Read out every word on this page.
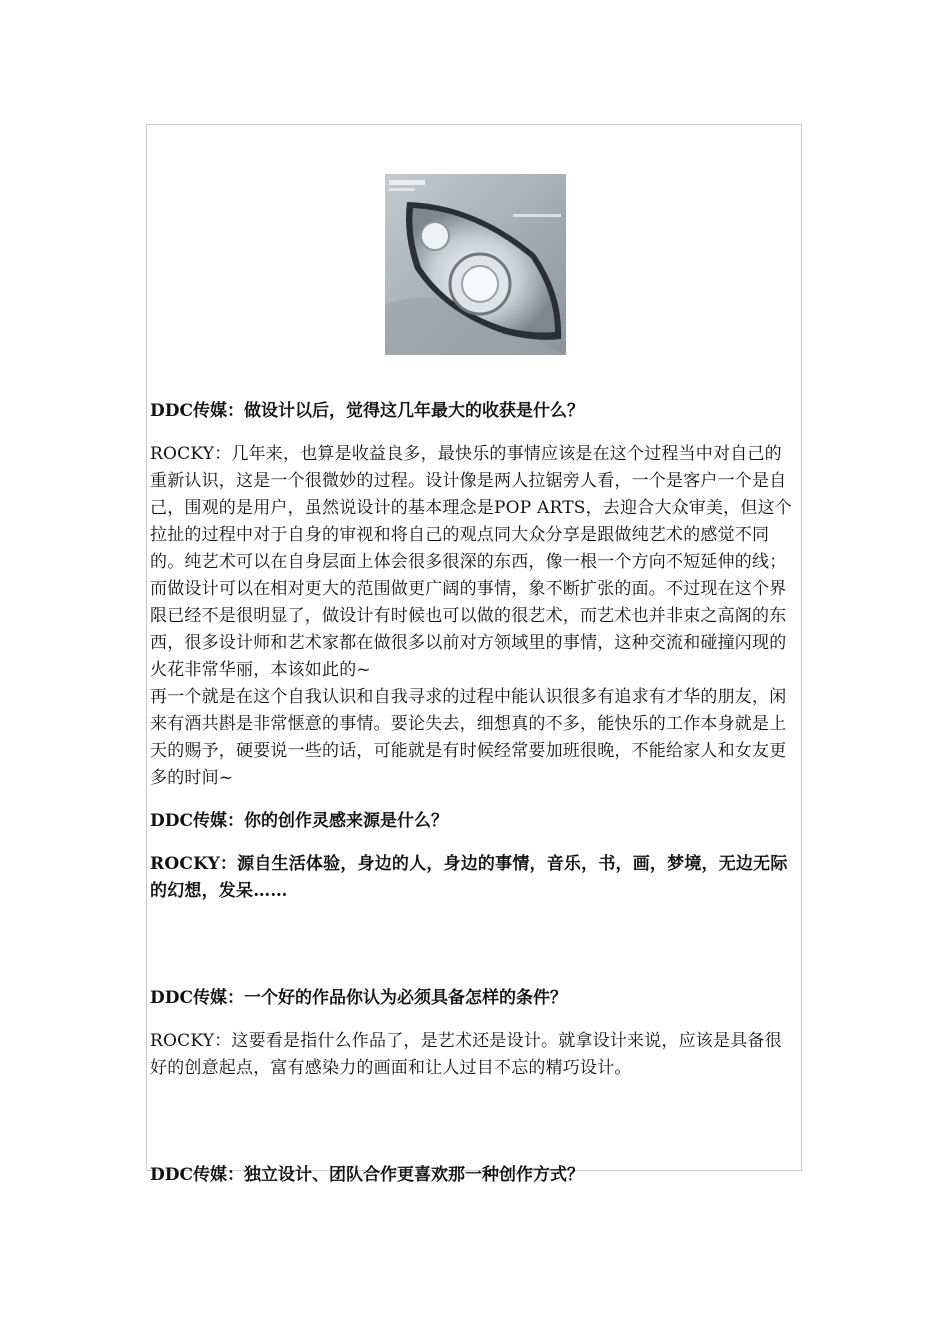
DDC传媒：做设计以后，觉得这几年最大的收获是什么？

ROCKY：几年来，也算是收益良多，最快乐的事情应该是在这个过程当中对自己的重新认识，这是一个很微妙的过程。设计像是两人拉锯旁人看，一个是客户一个是自己，围观的是用户，虽然说设计的基本理念是POP ARTS，去迎合大众审美，但这个拉扯的过程中对于自身的审视和将自己的观点同大众分享是跟做纯艺术的感觉不同的。纯艺术可以在自身层面上体会很多很深的东西，像一根一个方向不短延伸的线；而做设计可以在相对更大的范围做更广阔的事情，象不断扩张的面。不过现在这个界限已经不是很明显了，做设计有时候也可以做的很艺术，而艺术也并非束之高阁的东西，很多设计师和艺术家都在做很多以前对方领域里的事情，这种交流和碰撞闪现的火花非常华丽，本该如此的~

再一个就是在这个自我认识和自我寻求的过程中能认识很多有追求有才华的朋友，闲来有酒共斟是非常惬意的事情。要论失去，细想真的不多，能快乐的工作本身就是上天的赐予，硬要说一些的话，可能就是有时候经常要加班很晚，不能给家人和女友更多的时间~

DDC传媒：你的创作灵感来源是什么？

ROCKY：源自生活体验，身边的人，身边的事情，音乐，书，画，梦境，无边无际的幻想，发呆……

DDC传媒：一个好的作品你认为必须具备怎样的条件？

ROCKY：这要看是指什么作品了，是艺术还是设计。就拿设计来说，应该是具备很好的创意起点，富有感染力的画面和让人过目不忘的精巧设计。

DDC传媒：独立设计、团队合作更喜欢那一种创作方式？
